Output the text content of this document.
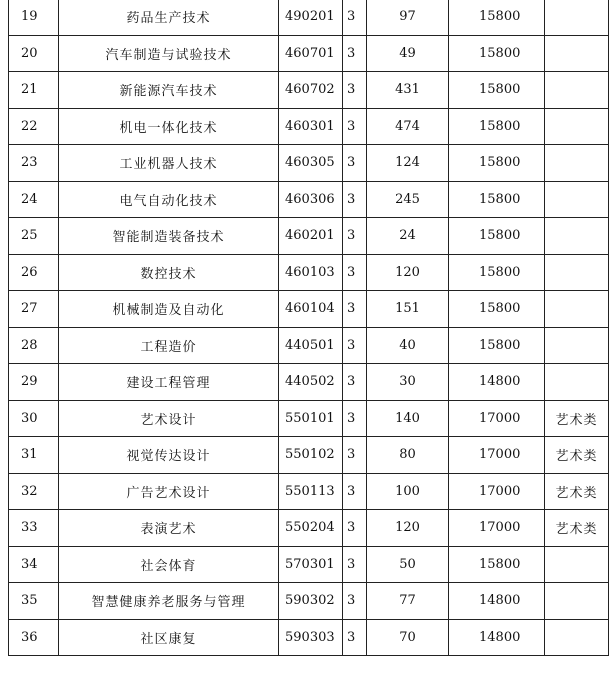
19	药品生产技术	490201	3	97	15800	
20	汽车制造与试验技术	460701	3	49	15800	
21	新能源汽车技术	460702	3	431	15800	
22	机电一体化技术	460301	3	474	15800	
23	工业机器人技术	460305	3	124	15800	
24	电气自动化技术	460306	3	245	15800	
25	智能制造装备技术	460201	3	24	15800	
26	数控技术	460103	3	120	15800	
27	机械制造及自动化	460104	3	151	15800	
28	工程造价	440501	3	40	15800	
29	建设工程管理	440502	3	30	14800	
30	艺术设计	550101	3	140	17000	艺术类
31	视觉传达设计	550102	3	80	17000	艺术类
32	广告艺术设计	550113	3	100	17000	艺术类
33	表演艺术	550204	3	120	17000	艺术类
34	社会体育	570301	3	50	15800	
35	智慧健康养老服务与管理	590302	3	77	14800	
36	社区康复	590303	3	70	14800	
